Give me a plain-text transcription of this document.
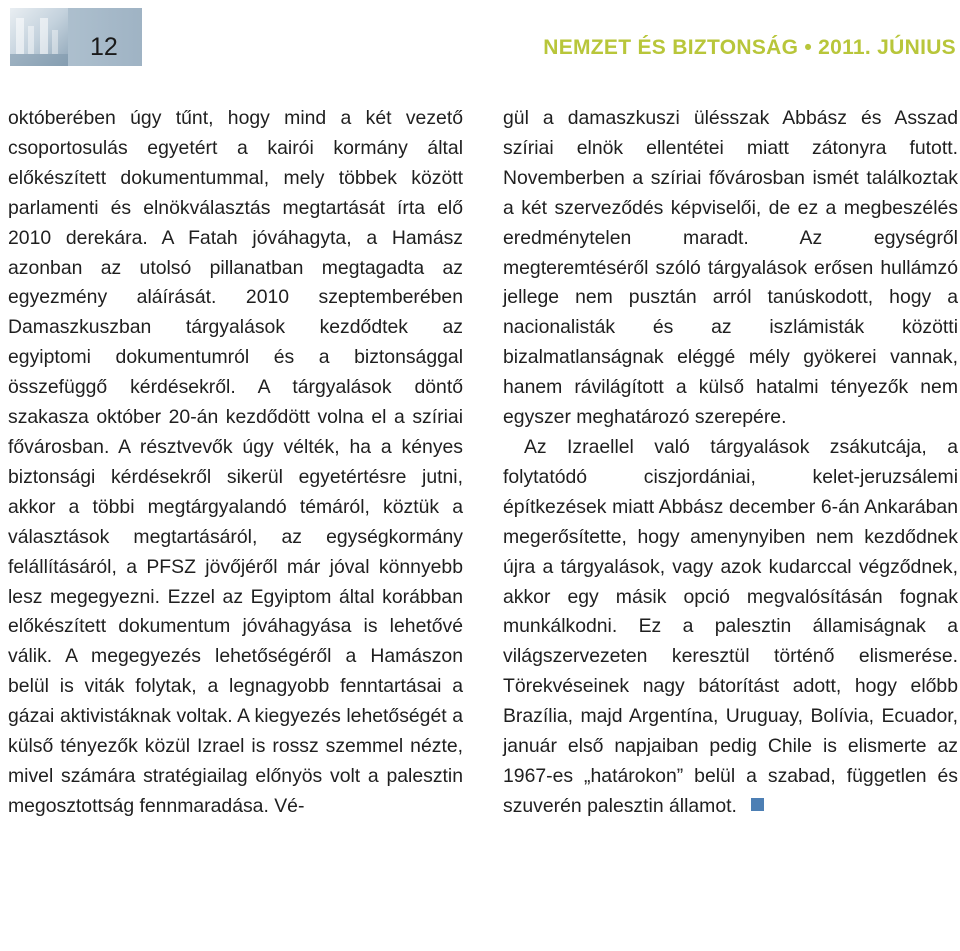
12	NEMZET ÉS BIZTONSÁG • 2011. JÚNIUS

októberében úgy tűnt, hogy mind a két vezető csoportosulás egyetért a kairói kormány által előkészített dokumentummal, mely többek között parlamenti és elnökválasztás megtartását írta elő 2010 derekára. A Fatah jóváhagyta, a Hamász azonban az utolsó pillanatban megtagadta az egyezmény aláírását. 2010 szeptemberében Damaszkuszban tárgyalások kezdődtek az egyiptomi dokumentumról és a biztonsággal összefüggő kérdésekről. A tárgyalások döntő szakasza október 20-án kezdődött volna el a szíriai fővárosban. A résztvevők úgy vélték, ha a kényes biztonsági kérdésekről sikerül egyetértésre jutni, akkor a többi megtárgyalandó témáról, köztük a választások megtartásáról, az egységkormány felállításáról, a PFSZ jövőjéről már jóval könnyebb lesz megegyezni. Ezzel az Egyiptom által korábban előkészített dokumentum jóváhagyása is lehetővé válik. A megegyezés lehetőségéről a Hamászon belül is viták folytak, a legnagyobb fenntartásai a gázai aktivistáknak voltak. A kiegyezés lehetőségét a külső tényezők közül Izrael is rossz szemmel nézte, mivel számára stratégiailag előnyös volt a palesztin megosztottság fennmaradása. Vé-

gül a damaszkuszi ülésszak Abbász és Asszad szíriai elnök ellentétei miatt zátonyra futott. Novemberben a szíriai fővárosban ismét találkoztak a két szerveződés képviselői, de ez a megbeszélés eredménytelen maradt. Az egységről megteremtéséről szóló tárgyalások erősen hullámzó jellege nem pusztán arról tanúskodott, hogy a nacionalisták és az iszlámisták közötti bizalmatlanságnak eléggé mély gyökerei vannak, hanem rávilágított a külső hatalmi tényezők nem egyszer meghatározó szerepére.

Az Izraellel való tárgyalások zsákutcája, a folytatódó ciszjordániai, kelet-jeruzsálemi építkezések miatt Abbász december 6-án Ankarában megerősítette, hogy amenynyiben nem kezdődnek újra a tárgyalások, vagy azok kudarccal végződnek, akkor egy másik opció megvalósításán fognak munkálkodni. Ez a palesztin államiságnak a világszervezeten keresztül történő elismerése. Törekvéseinek nagy bátorítást adott, hogy előbb Brazília, majd Argentína, Uruguay, Bolívia, Ecuador, január első napjaiban pedig Chile is elismerte az 1967-es „határokon” belül a szabad, független és szuverén palesztin államot.
